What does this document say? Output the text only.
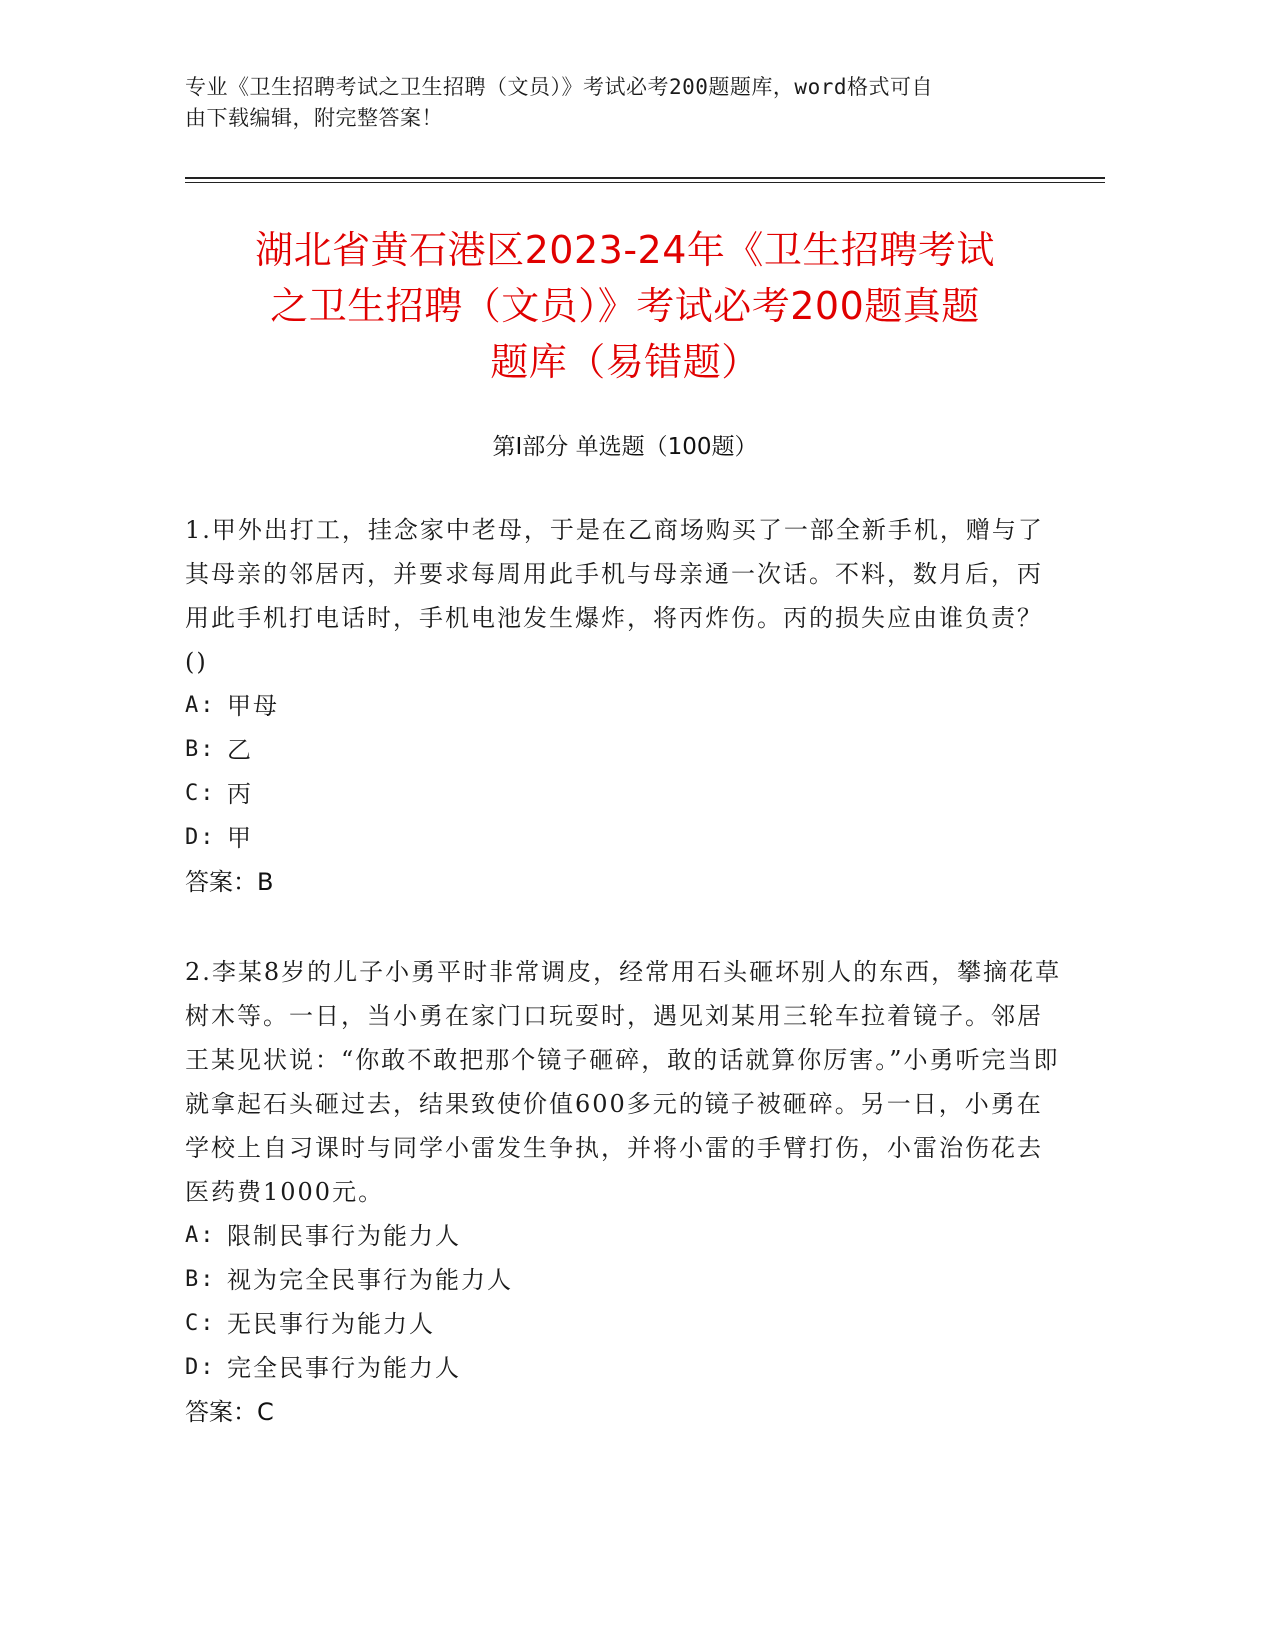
专业《卫生招聘考试之卫生招聘（文员）》考试必考200题题库，word格式可自
由下载编辑，附完整答案！
湖北省黄石港区2023-24年《卫生招聘考试
之卫生招聘（文员）》考试必考200题真题
题库（易错题）
第Ⅰ部分 单选题（100题）

1.甲外出打工，挂念家中老母，于是在乙商场购买了一部全新手机，赠与了其母亲的邻居丙，并要求每周用此手机与母亲通一次话。不料，数月后，丙用此手机打电话时，手机电池发生爆炸，将丙炸伤。丙的损失应由谁负责？()

A: 甲母
B: 乙
C: 丙
D: 甲
答案：B

2.李某8岁的儿子小勇平时非常调皮，经常用石头砸坏别人的东西，攀摘花草树木等。一日，当小勇在家门口玩耍时，遇见刘某用三轮车拉着镜子。邻居王某见状说：“你敢不敢把那个镜子砸碎，敢的话就算你厉害。”小勇听完当即就拿起石头砸过去，结果致使价值600多元的镜子被砸碎。另一日，小勇在学校上自习课时与同学小雷发生争执，并将小雷的手臂打伤，小雷治伤花去医药费1000元。

A: 限制民事行为能力人
B: 视为完全民事行为能力人
C: 无民事行为能力人
D: 完全民事行为能力人
答案：C
